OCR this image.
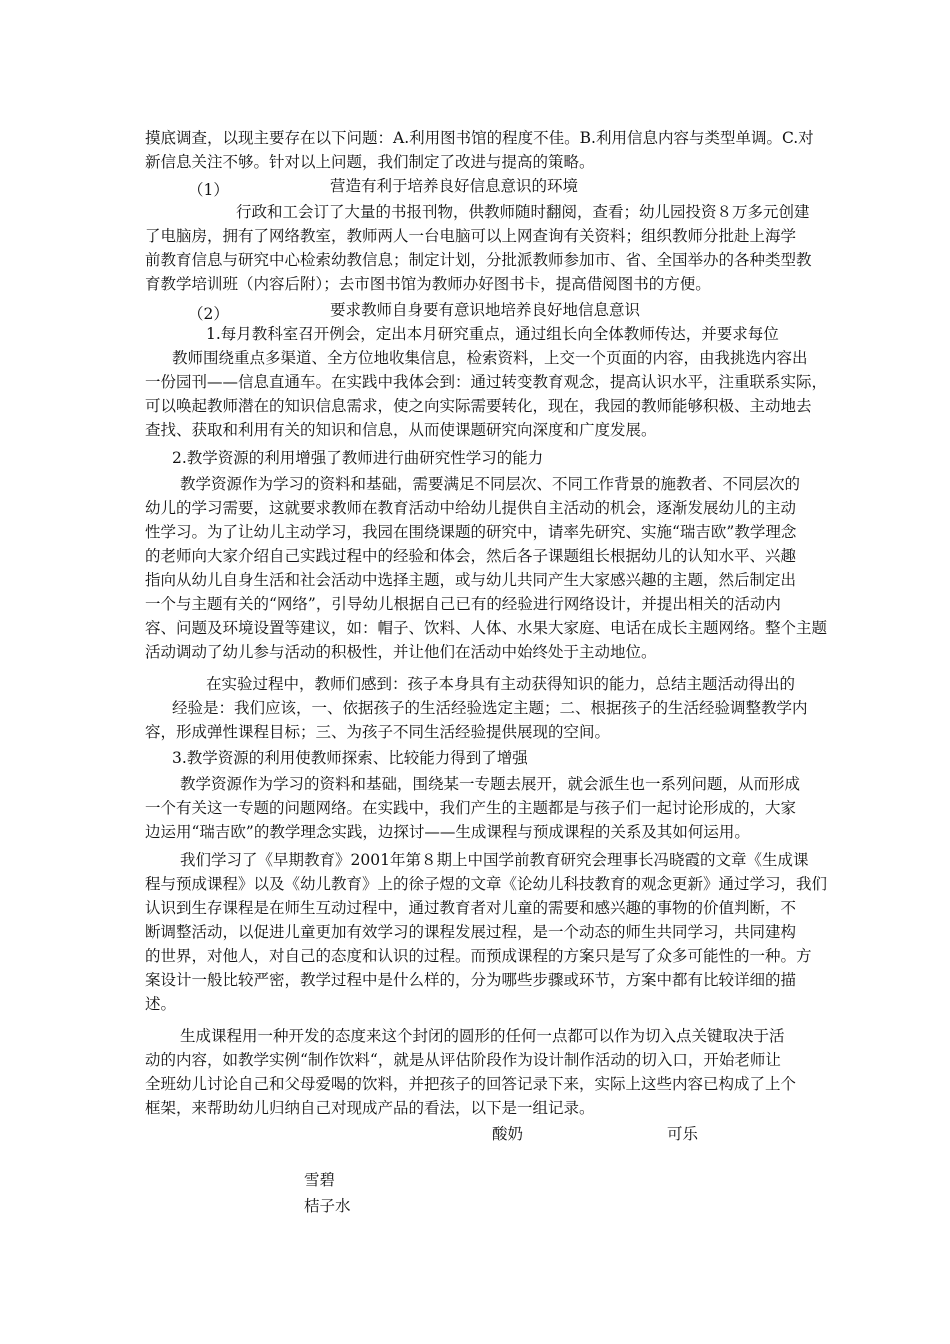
摸底调查，以现主要存在以下问题：A.利用图书馆的程度不佳。B.利用信息内容与类型单调。C.对
新信息关注不够。针对以上问题，我们制定了改进与提高的策略。
（1）	营造有利于培养良好信息意识的环境
行政和工会订了大量的书报刊物，供教师随时翻阅，查看；幼儿园投资８万多元创建
了电脑房，拥有了网络教室，教师两人一台电脑可以上网查询有关资料；组织教师分批赴上海学
前教育信息与研究中心检索幼教信息；制定计划，分批派教师参加市、省、全国举办的各种类型教
育教学培训班（内容后附）；去市图书馆为教师办好图书卡，提高借阅图书的方便。
（2）	要求教师自身要有意识地培养良好地信息意识
1.每月教科室召开例会，定出本月研究重点，通过组长向全体教师传达，并要求每位
教师围绕重点多渠道、全方位地收集信息，检索资料，上交一个页面的内容，由我挑选内容出
一份园刊——信息直通车。在实践中我体会到：通过转变教育观念，提高认识水平，注重联系实际，
可以唤起教师潜在的知识信息需求，使之向实际需要转化，现在，我园的教师能够积极、主动地去
查找、获取和利用有关的知识和信息，从而使课题研究向深度和广度发展。
2.教学资源的利用增强了教师进行曲研究性学习的能力
教学资源作为学习的资料和基础，需要满足不同层次、不同工作背景的施教者、不同层次的
幼儿的学习需要，这就要求教师在教育活动中给幼儿提供自主活动的机会，逐渐发展幼儿的主动
性学习。为了让幼儿主动学习，我园在围绕课题的研究中，请率先研究、实施“瑞吉欧”教学理念
的老师向大家介绍自己实践过程中的经验和体会，然后各子课题组长根据幼儿的认知水平、兴趣
指向从幼儿自身生活和社会活动中选择主题，或与幼儿共同产生大家感兴趣的主题，然后制定出
一个与主题有关的“网络”，引导幼儿根据自己已有的经验进行网络设计，并提出相关的活动内
容、问题及环境设置等建议，如：帽子、饮料、人体、水果大家庭、电话在成长主题网络。整个主题
活动调动了幼儿参与活动的积极性，并让他们在活动中始终处于主动地位。
在实验过程中，教师们感到：孩子本身具有主动获得知识的能力，总结主题活动得出的
经验是：我们应该，一、依据孩子的生活经验选定主题；二、根据孩子的生活经验调整教学内
容，形成弹性课程目标；三、为孩子不同生活经验提供展现的空间。
3.教学资源的利用使教师探索、比较能力得到了增强
教学资源作为学习的资料和基础，围绕某一专题去展开，就会派生也一系列问题，从而形成
一个有关这一专题的问题网络。在实践中，我们产生的主题都是与孩子们一起讨论形成的，大家
边运用“瑞吉欧”的教学理念实践，边探讨——生成课程与预成课程的关系及其如何运用。
我们学习了《早期教育》2001年第８期上中国学前教育研究会理事长冯晓霞的文章《生成课
程与预成课程》以及《幼儿教育》上的徐子煜的文章《论幼儿科技教育的观念更新》通过学习，我们
认识到生存课程是在师生互动过程中，通过教育者对儿童的需要和感兴趣的事物的价值判断，不
断调整活动，以促进儿童更加有效学习的课程发展过程，是一个动态的师生共同学习，共同建构
的世界，对他人，对自己的态度和认识的过程。而预成课程的方案只是写了众多可能性的一种。方
案设计一般比较严密，教学过程中是什么样的，分为哪些步骤或环节，方案中都有比较详细的描
述。
生成课程用一种开发的态度来这个封闭的圆形的任何一点都可以作为切入点关键取决于活
动的内容，如教学实例“制作饮料“，就是从评估阶段作为设计制作活动的切入口，开始老师让
全班幼儿讨论自己和父母爱喝的饮料，并把孩子的回答记录下来，实际上这些内容已构成了上个
框架，来帮助幼儿归纳自己对现成产品的看法，以下是一组记录。
酸奶	可乐
雪碧
桔子水
